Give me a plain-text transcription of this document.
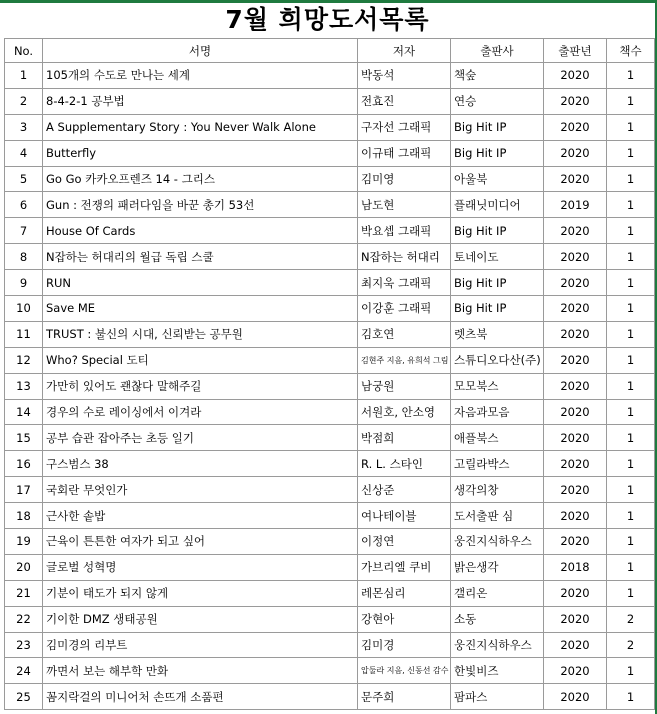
7월 희망도서목록
No.	서명	저자	출판사	출판년	책수
1	105개의 수도로 만나는 세계	박동석	책숲	2020	1
2	8-4-2-1 공부법	전효진	연승	2020	1
3	A Supplementary Story : You Never Walk Alone	구자선 그래픽	Big Hit IP	2020	1
4	Butterfly	이규태 그래픽	Big Hit IP	2020	1
5	Go Go 카카오프렌즈 14 - 그리스	김미영	아울북	2020	1
6	Gun : 전쟁의 패러다임을 바꾼 총기 53선	남도현	플래닛미디어	2019	1
7	House Of Cards	박요셉 그래픽	Big Hit IP	2020	1
8	N잡하는 허대리의 월급 독립 스쿨	N잡하는 허대리	토네이도	2020	1
9	RUN	최지욱 그래픽	Big Hit IP	2020	1
10	Save ME	이강훈 그래픽	Big Hit IP	2020	1
11	TRUST : 불신의 시대, 신뢰받는 공무원	김호연	렛츠북	2020	1
12	Who? Special 도티	김현주 지음, 유희석 그림	스튜디오다산(주)	2020	1
13	가만히 있어도 괜찮다 말해주길	남궁원	모모북스	2020	1
14	경우의 수로 레이싱에서 이겨라	서원호, 안소영	자음과모음	2020	1
15	공부 습관 잡아주는 초등 일기	박점희	애플북스	2020	1
16	구스범스 38	R. L. 스타인	고릴라박스	2020	1
17	국회란 무엇인가	신상준	생각의창	2020	1
18	근사한 솥밥	여나테이블	도서출판 심	2020	1
19	근육이 튼튼한 여자가 되고 싶어	이정연	웅진지식하우스	2020	1
20	글로벌 성혁명	가브리엘 쿠비	밝은생각	2018	1
21	기분이 태도가 되지 않게	레몬심리	갤리온	2020	1
22	기이한 DMZ 생태공원	강현아	소동	2020	2
23	김미경의 리부트	김미경	웅진지식하우스	2020	2
24	까면서 보는 해부학 만화	압둘라 지음, 신동선 감수	한빛비즈	2020	1
25	꼼지락걸의 미니어처 손뜨개 소품편	문주희	팜파스	2020	1
